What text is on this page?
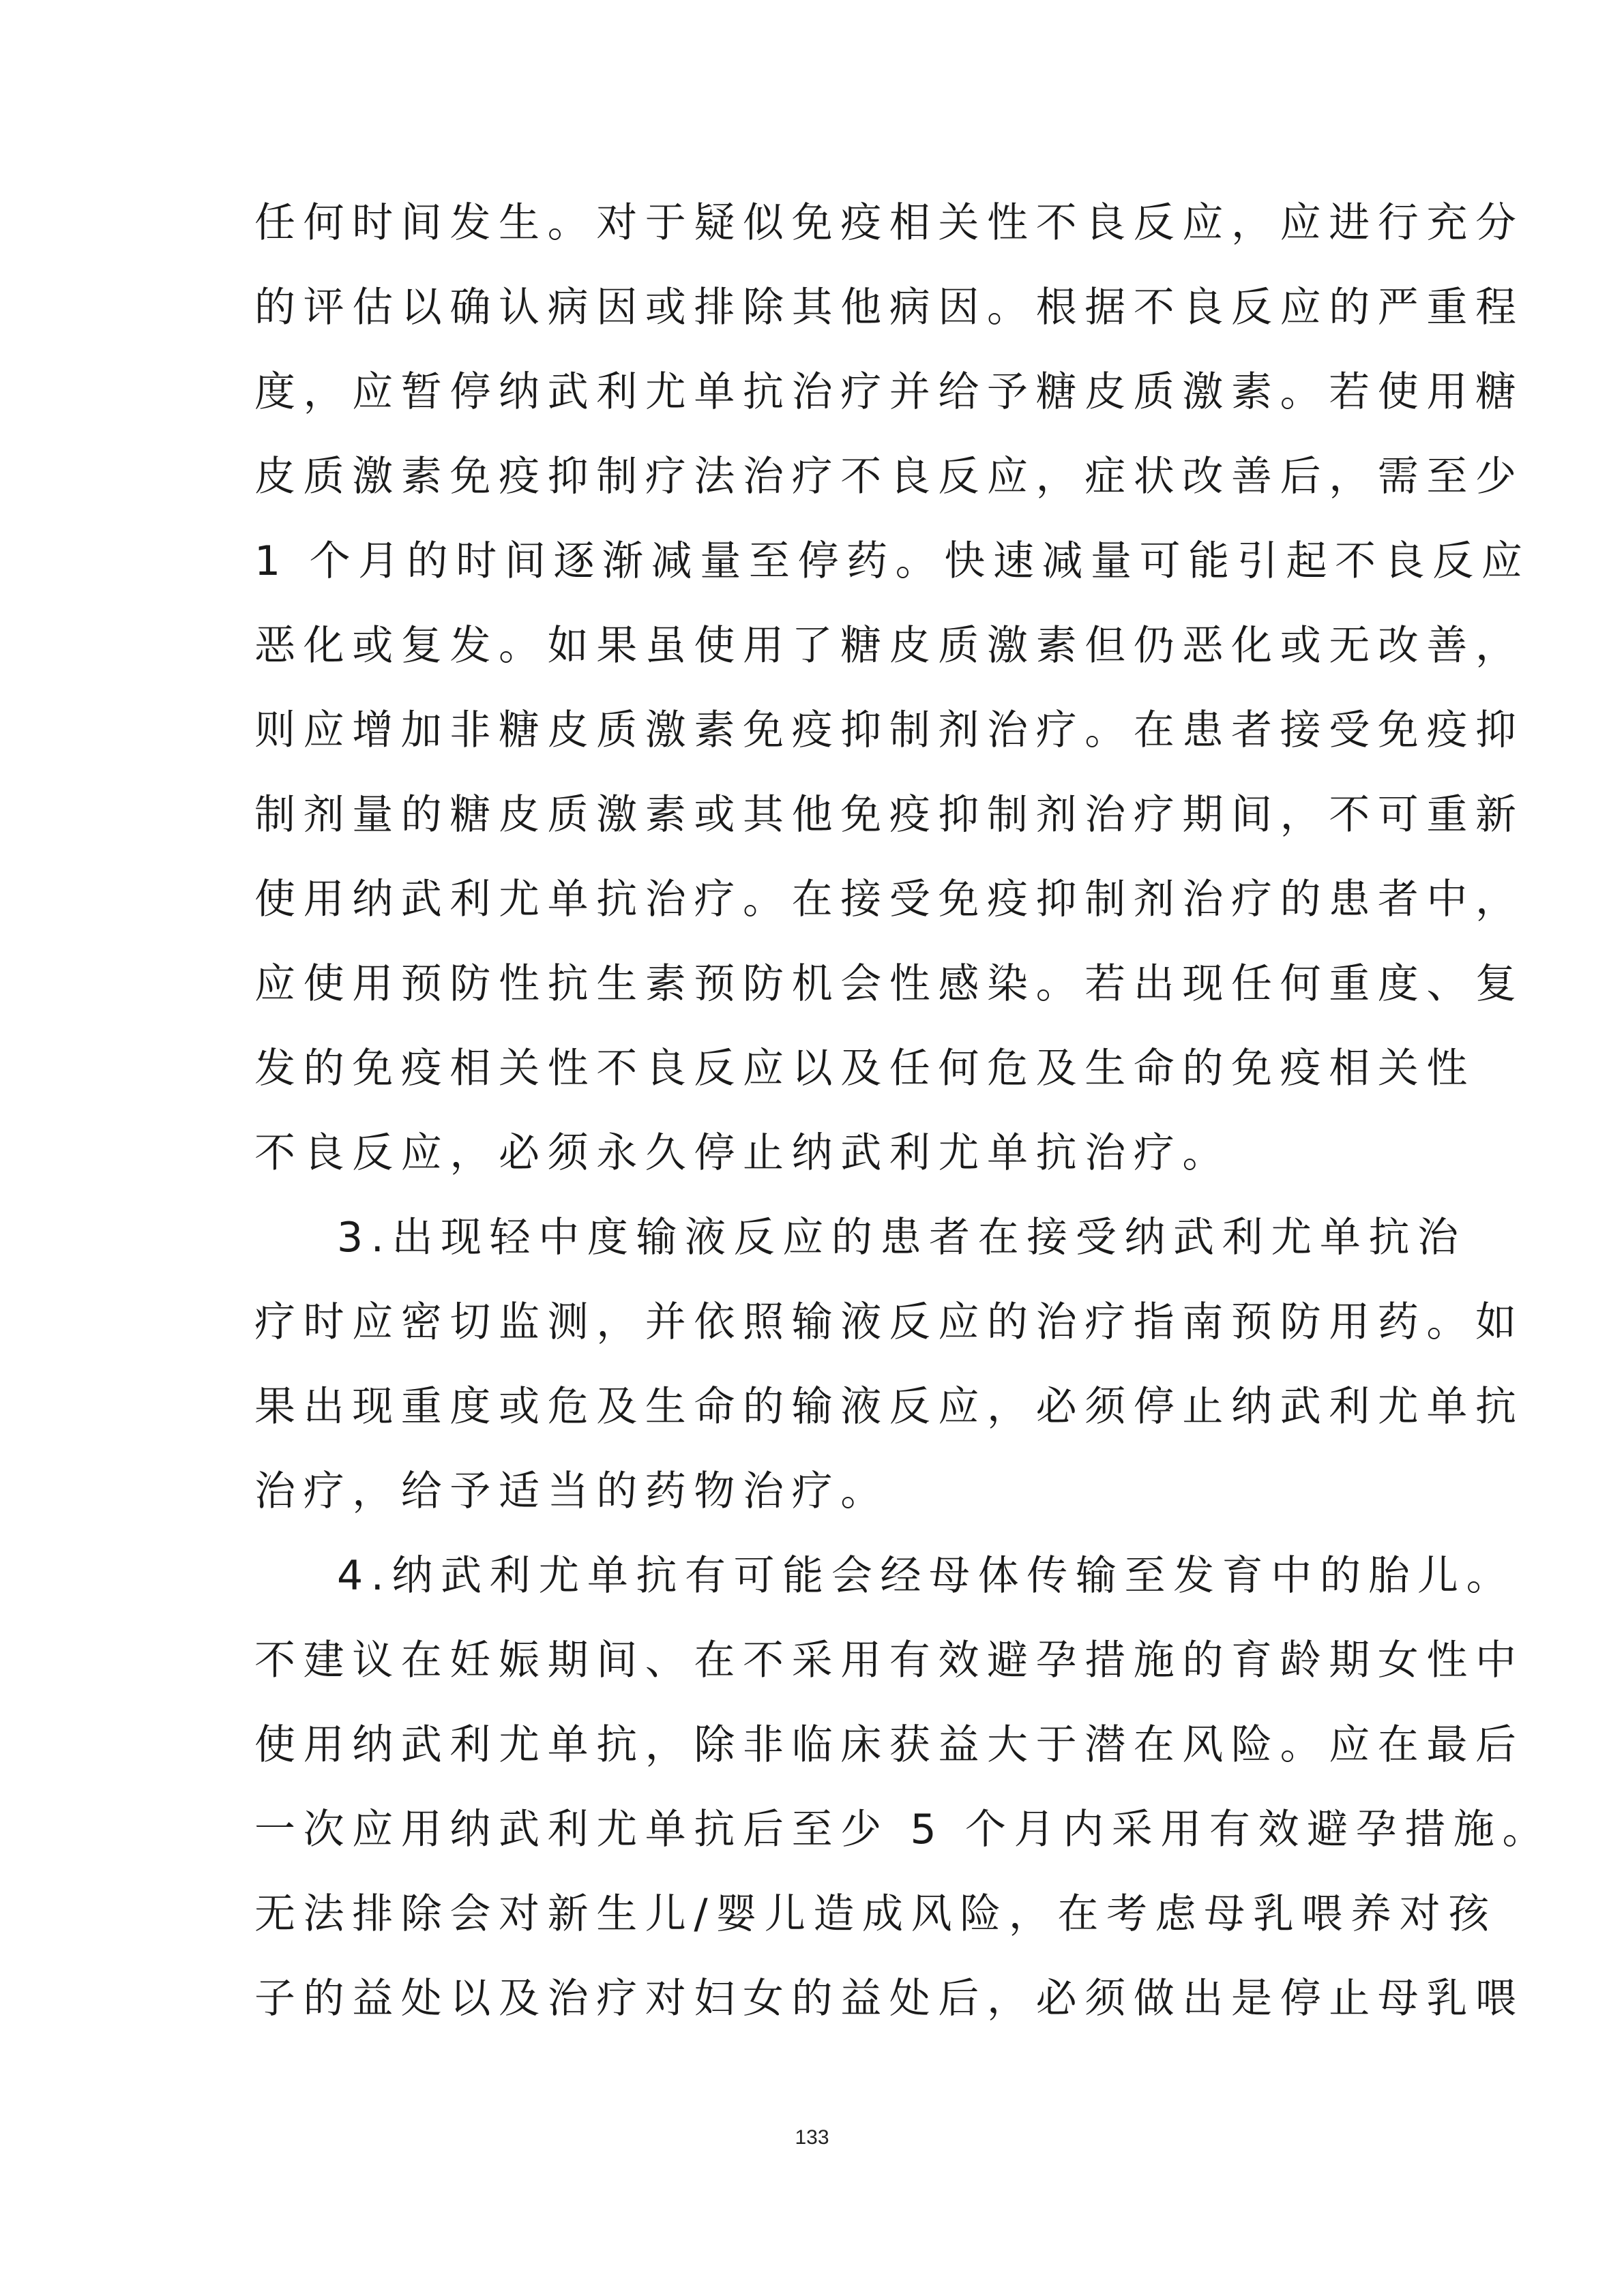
任何时间发生。对于疑似免疫相关性不良反应，应进行充分
的评估以确认病因或排除其他病因。根据不良反应的严重程
度，应暂停纳武利尤单抗治疗并给予糖皮质激素。若使用糖
皮质激素免疫抑制疗法治疗不良反应，症状改善后，需至少
1 个月的时间逐渐减量至停药。快速减量可能引起不良反应
恶化或复发。如果虽使用了糖皮质激素但仍恶化或无改善，
则应增加非糖皮质激素免疫抑制剂治疗。在患者接受免疫抑
制剂量的糖皮质激素或其他免疫抑制剂治疗期间，不可重新
使用纳武利尤单抗治疗。在接受免疫抑制剂治疗的患者中，
应使用预防性抗生素预防机会性感染。若出现任何重度、复
发的免疫相关性不良反应以及任何危及生命的免疫相关性
不良反应，必须永久停止纳武利尤单抗治疗。
3.出现轻中度输液反应的患者在接受纳武利尤单抗治
疗时应密切监测，并依照输液反应的治疗指南预防用药。如
果出现重度或危及生命的输液反应，必须停止纳武利尤单抗
治疗，给予适当的药物治疗。
4.纳武利尤单抗有可能会经母体传输至发育中的胎儿。
不建议在妊娠期间、在不采用有效避孕措施的育龄期女性中
使用纳武利尤单抗，除非临床获益大于潜在风险。应在最后
一次应用纳武利尤单抗后至少 5 个月内采用有效避孕措施。
无法排除会对新生儿/婴儿造成风险，在考虑母乳喂养对孩
子的益处以及治疗对妇女的益处后，必须做出是停止母乳喂
133
